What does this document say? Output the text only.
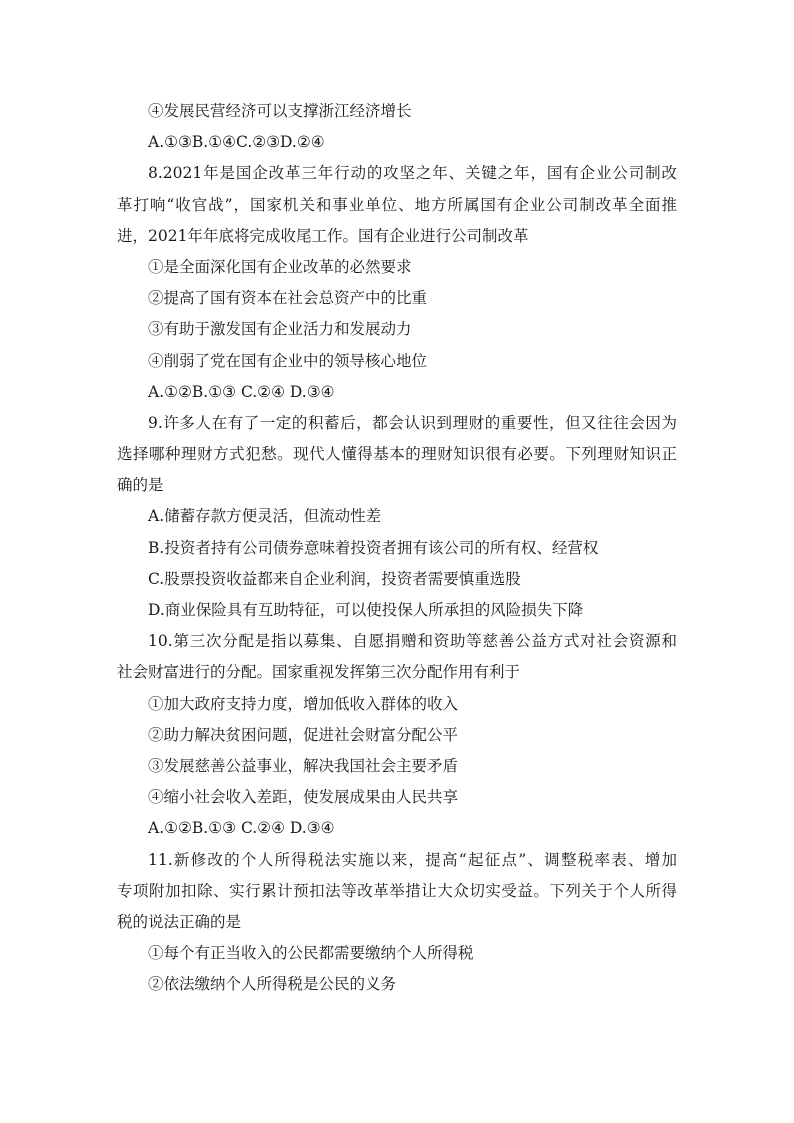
④发展民营经济可以支撑浙江经济增长
A.①③B.①④C.②③D.②④
8.2021年是国企改革三年行动的攻坚之年、关键之年，国有企业公司制改
革打响“收官战”，国家机关和事业单位、地方所属国有企业公司制改革全面推
进，2021年年底将完成收尾工作。国有企业进行公司制改革
①是全面深化国有企业改革的必然要求
②提高了国有资本在社会总资产中的比重
③有助于激发国有企业活力和发展动力
④削弱了党在国有企业中的领导核心地位
A.①②B.①③ C.②④ D.③④
9.许多人在有了一定的积蓄后，都会认识到理财的重要性，但又往往会因为
选择哪种理财方式犯愁。现代人懂得基本的理财知识很有必要。下列理财知识正
确的是
A.储蓄存款方便灵活，但流动性差
B.投资者持有公司债券意味着投资者拥有该公司的所有权、经营权
C.股票投资收益都来自企业利润，投资者需要慎重选股
D.商业保险具有互助特征，可以使投保人所承担的风险损失下降
10.第三次分配是指以募集、自愿捐赠和资助等慈善公益方式对社会资源和
社会财富进行的分配。国家重视发挥第三次分配作用有利于
①加大政府支持力度，增加低收入群体的收入
②助力解决贫困问题，促进社会财富分配公平
③发展慈善公益事业，解决我国社会主要矛盾
④缩小社会收入差距，使发展成果由人民共享
A.①②B.①③ C.②④ D.③④
11.新修改的个人所得税法实施以来，提高“起征点”、调整税率表、增加
专项附加扣除、实行累计预扣法等改革举措让大众切实受益。下列关于个人所得
税的说法正确的是
①每个有正当收入的公民都需要缴纳个人所得税
②依法缴纳个人所得税是公民的义务
